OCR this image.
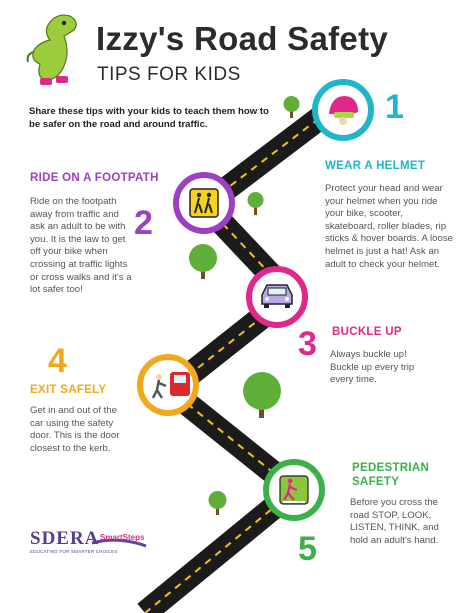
Izzy's Road Safety
TIPS FOR KIDS
Share these tips with your kids to teach them how to be safer on the road and around traffic.	1
WEAR A HELMET
Protect your head and wear your helmet when you ride your bike, scooter, skateboard, roller blades, rip sticks & hover boards. A loose helmet is just a hat! Ask an adult to check your helmet.
RIDE ON A FOOTPATH
2
Ride on the footpath away from traffic and ask an adult to be with you. It is the law to get off your bike when crossing at traffic lights or cross walks and it's a lot safer too!
3 BUCKLE UP
Always buckle up! Buckle up every trip every time.
4
EXIT SAFELY
Get in and out of the car using the safety door. This is the door closest to the kerb.
PEDESTRIAN SAFETY
Before you cross the road STOP, LOOK, LISTEN, THINK, and hold an adult's hand.
5
SDERA
EDUCATING FOR SMARTER CHOICES
SmartSteps
